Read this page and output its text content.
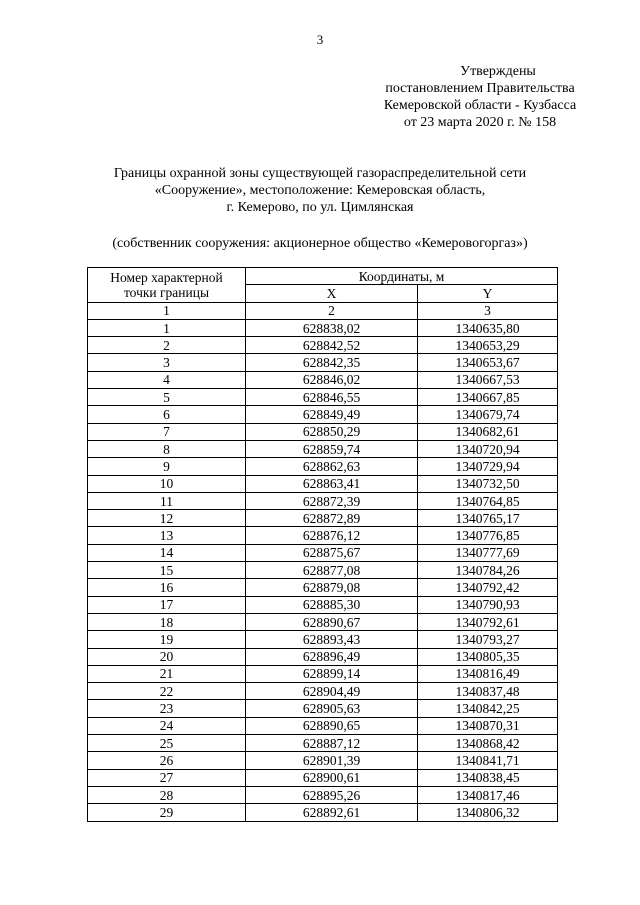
3
Утверждены
постановлением Правительства
Кемеровской области - Кузбасса
от 23 марта 2020 г. № 158
Границы охранной зоны существующей газораспределительной сети
«Сооружение», местоположение: Кемеровская область,
г. Кемерово, по ул. Цимлянская
(собственник сооружения: акционерное общество «Кемеровогоргаз»)
Номер характерной
точки границы	Координаты, м	
	X	Y
1	2	3
1	628838,02	1340635,80
2	628842,52	1340653,29
3	628842,35	1340653,67
4	628846,02	1340667,53
5	628846,55	1340667,85
6	628849,49	1340679,74
7	628850,29	1340682,61
8	628859,74	1340720,94
9	628862,63	1340729,94
10	628863,41	1340732,50
11	628872,39	1340764,85
12	628872,89	1340765,17
13	628876,12	1340776,85
14	628875,67	1340777,69
15	628877,08	1340784,26
16	628879,08	1340792,42
17	628885,30	1340790,93
18	628890,67	1340792,61
19	628893,43	1340793,27
20	628896,49	1340805,35
21	628899,14	1340816,49
22	628904,49	1340837,48
23	628905,63	1340842,25
24	628890,65	1340870,31
25	628887,12	1340868,42
26	628901,39	1340841,71
27	628900,61	1340838,45
28	628895,26	1340817,46
29	628892,61	1340806,32
